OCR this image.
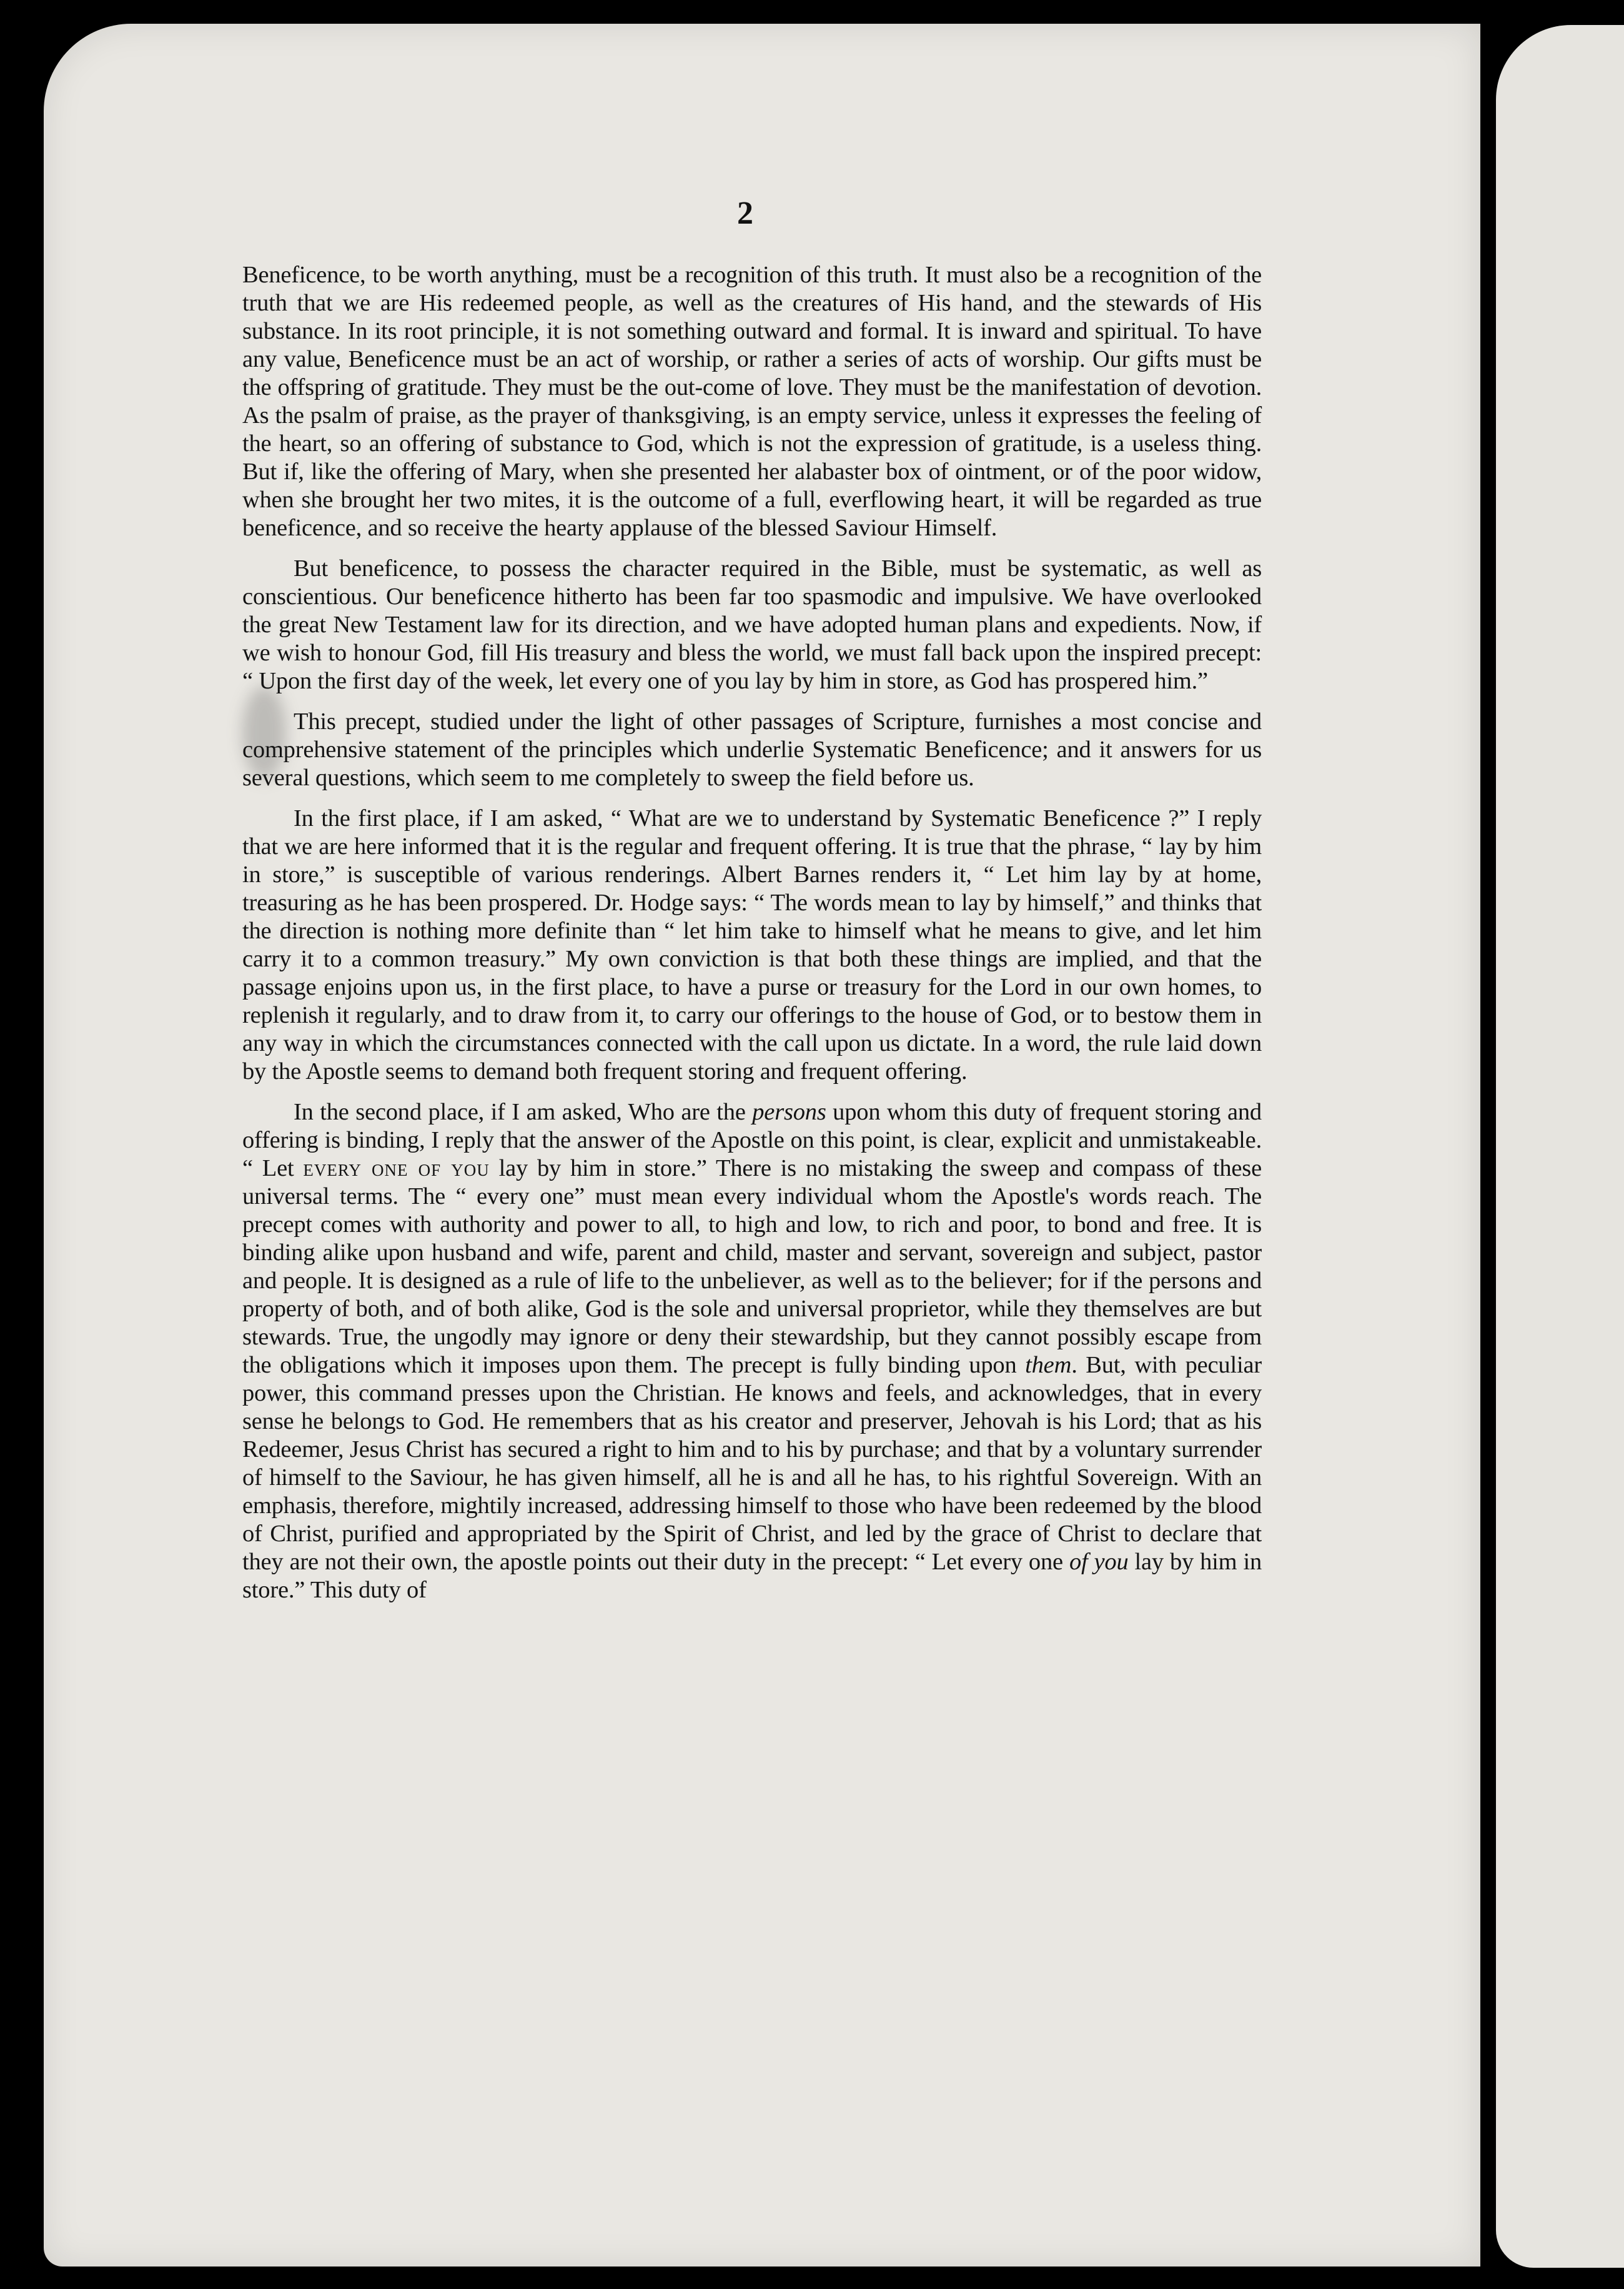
2

Beneficence, to be worth anything, must be a recognition of this truth. It must also be a recognition of the truth that we are His redeemed people, as well as the creatures of His hand, and the stewards of His substance. In its root principle, it is not something outward and formal. It is inward and spiritual. To have any value, Beneficence must be an act of worship, or rather a series of acts of worship. Our gifts must be the offspring of gratitude. They must be the out-come of love. They must be the manifestation of devotion. As the psalm of praise, as the prayer of thanksgiving, is an empty service, unless it expresses the feeling of the heart, so an offering of substance to God, which is not the expression of gratitude, is a useless thing. But if, like the offering of Mary, when she presented her alabaster box of ointment, or of the poor widow, when she brought her two mites, it is the outcome of a full, everflowing heart, it will be regarded as true beneficence, and so receive the hearty applause of the blessed Saviour Himself.

But beneficence, to possess the character required in the Bible, must be systematic, as well as conscientious. Our beneficence hitherto has been far too spasmodic and impulsive. We have overlooked the great New Testament law for its direction, and we have adopted human plans and expedients. Now, if we wish to honour God, fill His treasury and bless the world, we must fall back upon the inspired precept: “ Upon the first day of the week, let every one of you lay by him in store, as God has prospered him.”

This precept, studied under the light of other passages of Scripture, furnishes a most concise and comprehensive statement of the principles which underlie Systematic Beneficence; and it answers for us several questions, which seem to me completely to sweep the field before us.

In the first place, if I am asked, “ What are we to understand by Systematic Beneficence ?” I reply that we are here informed that it is the regular and frequent offering. It is true that the phrase, “ lay by him in store,” is susceptible of various renderings. Albert Barnes renders it, “ Let him lay by at home, treasuring as he has been prospered. Dr. Hodge says: “ The words mean to lay by himself,” and thinks that the direction is nothing more definite than “ let him take to himself what he means to give, and let him carry it to a common treasury.” My own conviction is that both these things are implied, and that the passage enjoins upon us, in the first place, to have a purse or treasury for the Lord in our own homes, to replenish it regularly, and to draw from it, to carry our offerings to the house of God, or to bestow them in any way in which the circumstances connected with the call upon us dictate. In a word, the rule laid down by the Apostle seems to demand both frequent storing and frequent offering.

In the second place, if I am asked, Who are the persons upon whom this duty of frequent storing and offering is binding, I reply that the answer of the Apostle on this point, is clear, explicit and unmistakeable. “ Let every one of you lay by him in store.” There is no mistaking the sweep and compass of these universal terms. The “ every one” must mean every individual whom the Apostle's words reach. The precept comes with authority and power to all, to high and low, to rich and poor, to bond and free. It is binding alike upon husband and wife, parent and child, master and servant, sovereign and subject, pastor and people. It is designed as a rule of life to the unbeliever, as well as to the believer; for if the persons and property of both, and of both alike, God is the sole and universal proprietor, while they themselves are but stewards. True, the ungodly may ignore or deny their stewardship, but they cannot possibly escape from the obligations which it imposes upon them. The precept is fully binding upon them. But, with peculiar power, this command presses upon the Christian. He knows and feels, and acknowledges, that in every sense he belongs to God. He remembers that as his creator and preserver, Jehovah is his Lord; that as his Redeemer, Jesus Christ has secured a right to him and to his by purchase; and that by a voluntary surrender of himself to the Saviour, he has given himself, all he is and all he has, to his rightful Sovereign. With an emphasis, therefore, mightily increased, addressing himself to those who have been redeemed by the blood of Christ, purified and appropriated by the Spirit of Christ, and led by the grace of Christ to declare that they are not their own, the apostle points out their duty in the precept: “ Let every one of you lay by him in store.” This duty of
